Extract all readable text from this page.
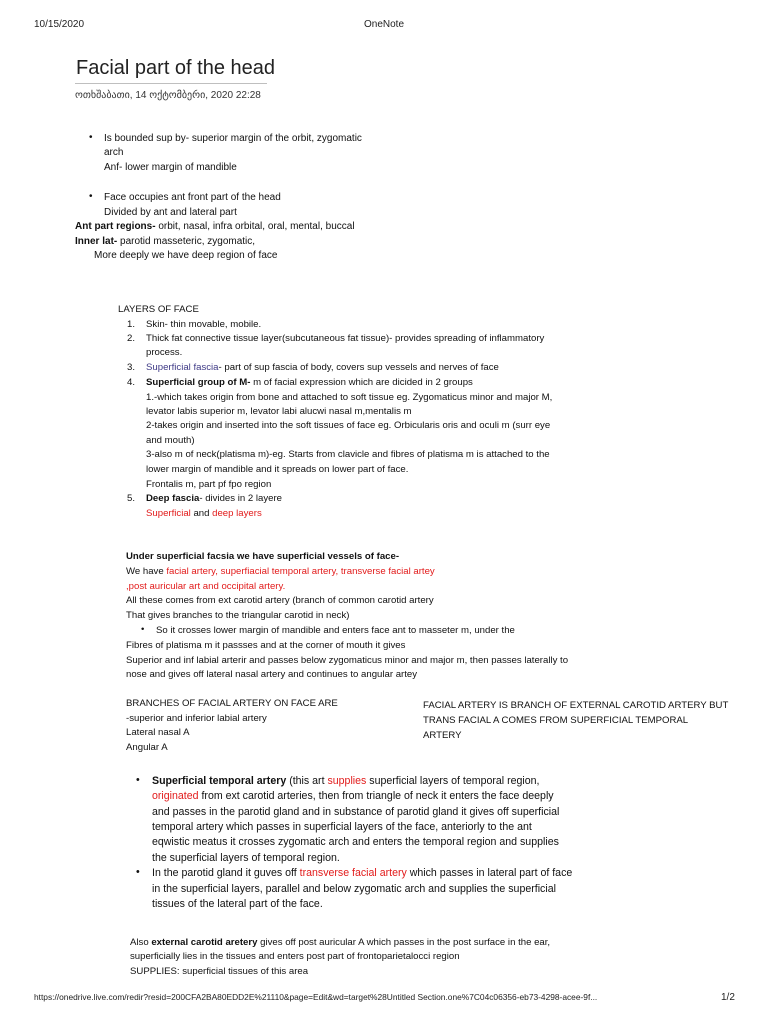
10/15/2020	OneNote
Facial part of the head
ოთხშაბათი, 14 ოქტომბერი, 2020 22:28
• Is bounded sup by- superior margin of the orbit, zygomatic
arch
Anf- lower margin of mandible
• Face occupies ant front part of the head
Divided by ant and lateral part
Ant part regions- orbit, nasal, infra orbital, oral, mental, buccal
Inner lat- parotid masseteric, zygomatic,
More deeply we have deep region of face
LAYERS OF FACE
1. Skin- thin movable, mobile.
2. Thick fat connective tissue layer(subcutaneous fat tissue)- provides spreading of inflammatory
process.
3. Superficial fascia- part of sup fascia of body, covers sup vessels and nerves of face
4. Superficial group of M- m of facial expression which are dicided in 2 groups
1.-which takes origin from bone and attached to soft tissue eg. Zygomaticus minor and major M,
levator labis superior m, levator labi alucwi nasal m,mentalis m
2-takes origin and inserted into the soft tissues of face eg. Orbicularis oris and oculi m (surr eye
and mouth)
3-also m of neck(platisma m)-eg. Starts from clavicle and fibres of platisma m is attached to the
lower margin of mandible and it spreads on lower part of face.
Frontalis m, part pf fpo region
5. Deep fascia- divides in 2 layere
Superficial and deep layers
Under superficial facsia we have superficial vessels of face-
We have facial artery, superfiacial temporal artery, transverse facial artey
,post auricular art and occipital artery.
All these comes from ext carotid artery (branch of common carotid artery
That gives branches to the triangular carotid in neck)
• So it crosses lower margin of mandible and enters face ant to masseter m, under the
Fibres of platisma m it passses and at the corner of mouth it gives
Superior and inf labial arterir and passes below zygomaticus minor and major m, then passes laterally to
nose and gives off lateral nasal artery and continues to angular artey
BRANCHES OF FACIAL ARTERY ON FACE ARE
-superior and inferior labial artery
Lateral nasal A
Angular A
FACIAL ARTERY IS BRANCH OF EXTERNAL CAROTID ARTERY BUT
TRANS FACIAL A COMES FROM SUPERFICIAL TEMPORAL
ARTERY
• Superficial temporal artery (this art supplies superficial layers of temporal region,
originated from ext carotid arteries, then from triangle of neck it enters the face deeply
and passes in the parotid gland and in substance of parotid gland it gives off superficial
temporal artery which passes in superficial layers of the face, anteriorly to the ant
eqwistic meatus it crosses zygomatic arch and enters the temporal region and supplies
the superficial layers of temporal region.
• In the parotid gland it guves off transverse facial artery which passes in lateral part of face
in the superficial layers, parallel and below zygomatic arch and supplies the superficial
tissues of the lateral part of the face.
Also external carotid aretery gives off post auricular A which passes in the post surface in the ear,
superficially lies in the tissues and enters post part of frontoparietalocci region
SUPPLIES: superficial tissues of this area
https://onedrive.live.com/redir?resid=200CFA2BA80EDD2E%21110&page=Edit&wd=target%28Untitled Section.one%7C04c06356-eb73-4298-acee-9f...	1/2
